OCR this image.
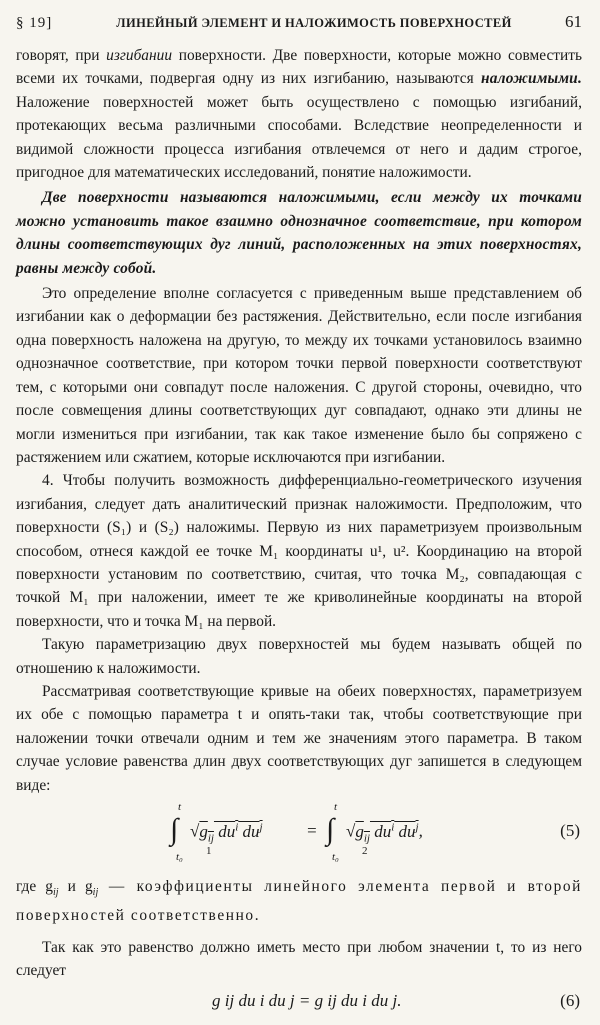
§ 19]	ЛИНЕЙНЫЙ ЭЛЕМЕНТ И НАЛОЖИМОСТЬ ПОВЕРХНОСТЕЙ	61

говорят, при изгибании поверхности. Две поверхности, которые можно совместить всеми их точками, подвергая одну из них изгибанию, называются наложимыми. Наложение поверхностей может быть осуществлено с помощью изгибаний, протекающих весьма различными способами. Вследствие неопределенности и видимой сложности процесса изгибания отвлечемся от него и дадим строгое, пригодное для математических исследований, понятие наложимости.

Две поверхности называются наложимыми, если между их точками можно установить такое взаимно однозначное соответствие, при котором длины соответствующих дуг линий, расположенных на этих поверхностях, равны между собой.

Это определение вполне согласуется с приведенным выше представлением об изгибании как о деформации без растяжения. Действительно, если после изгибания одна поверхность наложена на другую, то между их точками установилось взаимно однозначное соответствие, при котором точки первой поверхности соответствуют тем, с которыми они совпадут после наложения. С другой стороны, очевидно, что после совмещения длины соответствующих дуг совпадают, однако эти длины не могли измениться при изгибании, так как такое изменение было бы сопряжено с растяжением или сжатием, которые исключаются при изгибании.

4. Чтобы получить возможность дифференциально-геометрического изучения изгибания, следует дать аналитический признак наложимости. Предположим, что поверхности (S₁) и (S₂) наложимы. Первую из них параметризуем произвольным способом, отнеся каждой ее точке M₁ координаты u¹, u². Координацию на второй поверхности установим по соответствию, считая, что точка M₂, совпадающая с точкой M₁ при наложении, имеет те же криволинейные координаты на второй поверхности, что и точка M₁ на первой.

Такую параметризацию двух поверхностей мы будем называть общей по отношению к наложимости.

Рассматривая соответствующие кривые на обеих поверхностях, параметризуем их обе с помощью параметра t и опять-таки так, чтобы соответствующие при наложении точки отвечали одним и тем же значениям этого параметра. В таком случае условие равенства длин двух соответствующих дуг запишется в следующем виде:

t
∫
t₀
$√g_{ij}$ $du^i$ $du^j$
1
=
t
∫
t₀
$√g_{ij}$ $du^i$ $du^j$,
2
(5)

где $g_{ij}$ и $g_{ij}$ — коэффициенты линейного элемента первой и второй поверхностей соответственно.

Так как это равенство должно иметь место при любом значении t, то из него следует

g ij du i du j = g ij du i du j.	(6)
